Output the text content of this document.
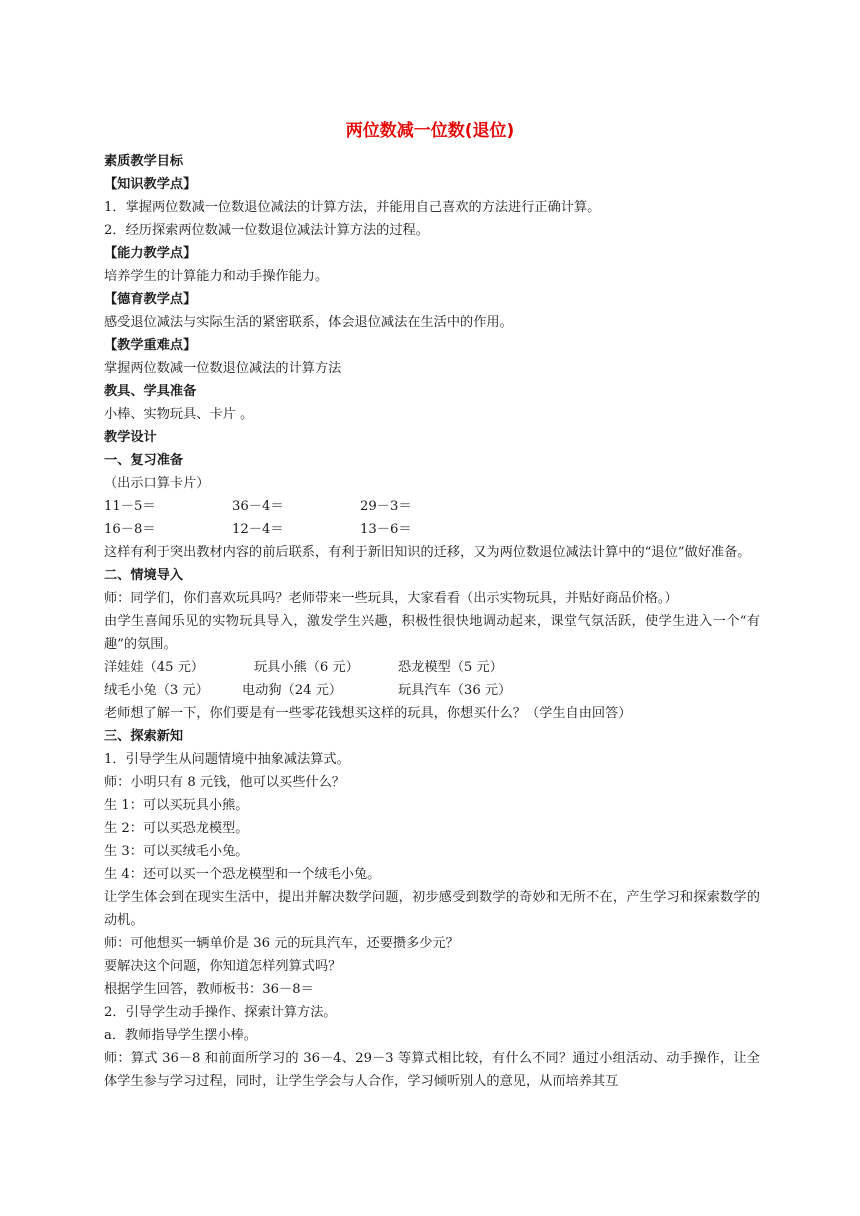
两位数减一位数(退位)
素质教学目标
【知识教学点】
1．掌握两位数减一位数退位减法的计算方法，并能用自己喜欢的方法进行正确计算。
2．经历探索两位数减一位数退位减法计算方法的过程。
【能力教学点】
培养学生的计算能力和动手操作能力。
【德育教学点】
感受退位减法与实际生活的紧密联系，体会退位减法在生活中的作用。
【教学重难点】
掌握两位数减一位数退位减法的计算方法
教具、学具准备
小棒、实物玩具、卡片 。
教学设计
一、复习准备
（出示口算卡片）
11－5＝	36－4＝	29－3＝
16－8＝	12－4＝	13－6＝
这样有利于突出教材内容的前后联系，有利于新旧知识的迁移，又为两位数退位减法计算中的“退位”做好准备。
二、情境导入
师：同学们，你们喜欢玩具吗？老师带来一些玩具，大家看看（出示实物玩具，并贴好商品价格。）
由学生喜闻乐见的实物玩具导入，激发学生兴趣，积极性很快地调动起来，课堂气氛活跃，使学生进入一个“有趣”的氛围。
洋娃娃（45 元）	玩具小熊（6 元）	恐龙模型（5 元）
绒毛小兔（3 元）	电动狗（24 元）	玩具汽车（36 元）
老师想了解一下，你们要是有一些零花钱想买这样的玩具，你想买什么？（学生自由回答）
三、探索新知
1．引导学生从问题情境中抽象减法算式。
师：小明只有 8 元钱，他可以买些什么？
生 1：可以买玩具小熊。
生 2：可以买恐龙模型。
生 3：可以买绒毛小兔。
生 4：还可以买一个恐龙模型和一个绒毛小兔。
让学生体会到在现实生活中，提出并解决数学问题，初步感受到数学的奇妙和无所不在，产生学习和探索数学的动机。
师：可他想买一辆单价是 36 元的玩具汽车，还要攒多少元？
要解决这个问题，你知道怎样列算式吗？
根据学生回答，教师板书：36－8＝
2．引导学生动手操作、探索计算方法。
a．教师指导学生摆小棒。
师：算式 36－8 和前面所学习的 36－4、29－3 等算式相比较，有什么不同？通过小组活动、动手操作，让全体学生参与学习过程，同时，让学生学会与人合作，学习倾听别人的意见，从而培养其互
